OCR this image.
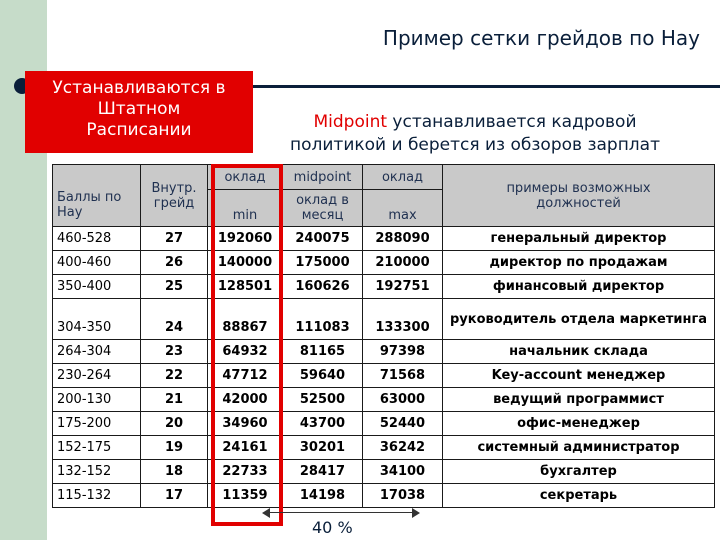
Пример сетки грейдов по Hay
Устанавливаются в
Штатном
Расписании	Midpoint устанавливается кадровой
политикой и берется из обзоров зарплат
Баллы по Hay	Внутр. грейд	оклад	midpoint	оклад	примеры возможных должностей

		min	оклад в месяц	max	

460-528	27	192060	240075	288090	генеральный директор
400-460	26	140000	175000	210000	директор по продажам
350-400	25	128501	160626	192751	финансовый директор
304-350	24	88867	111083	133300	руководитель отдела маркетинга
264-304	23	64932	81165	97398	начальник склада
230-264	22	47712	59640	71568	Key-account менеджер
200-130	21	42000	52500	63000	ведущий программист
175-200	20	34960	43700	52440	офис-менеджер
152-175	19	24161	30201	36242	системный администратор
132-152	18	22733	28417	34100	бухгалтер
115-132	17	11359	14198	17038	секретарь
40 %
